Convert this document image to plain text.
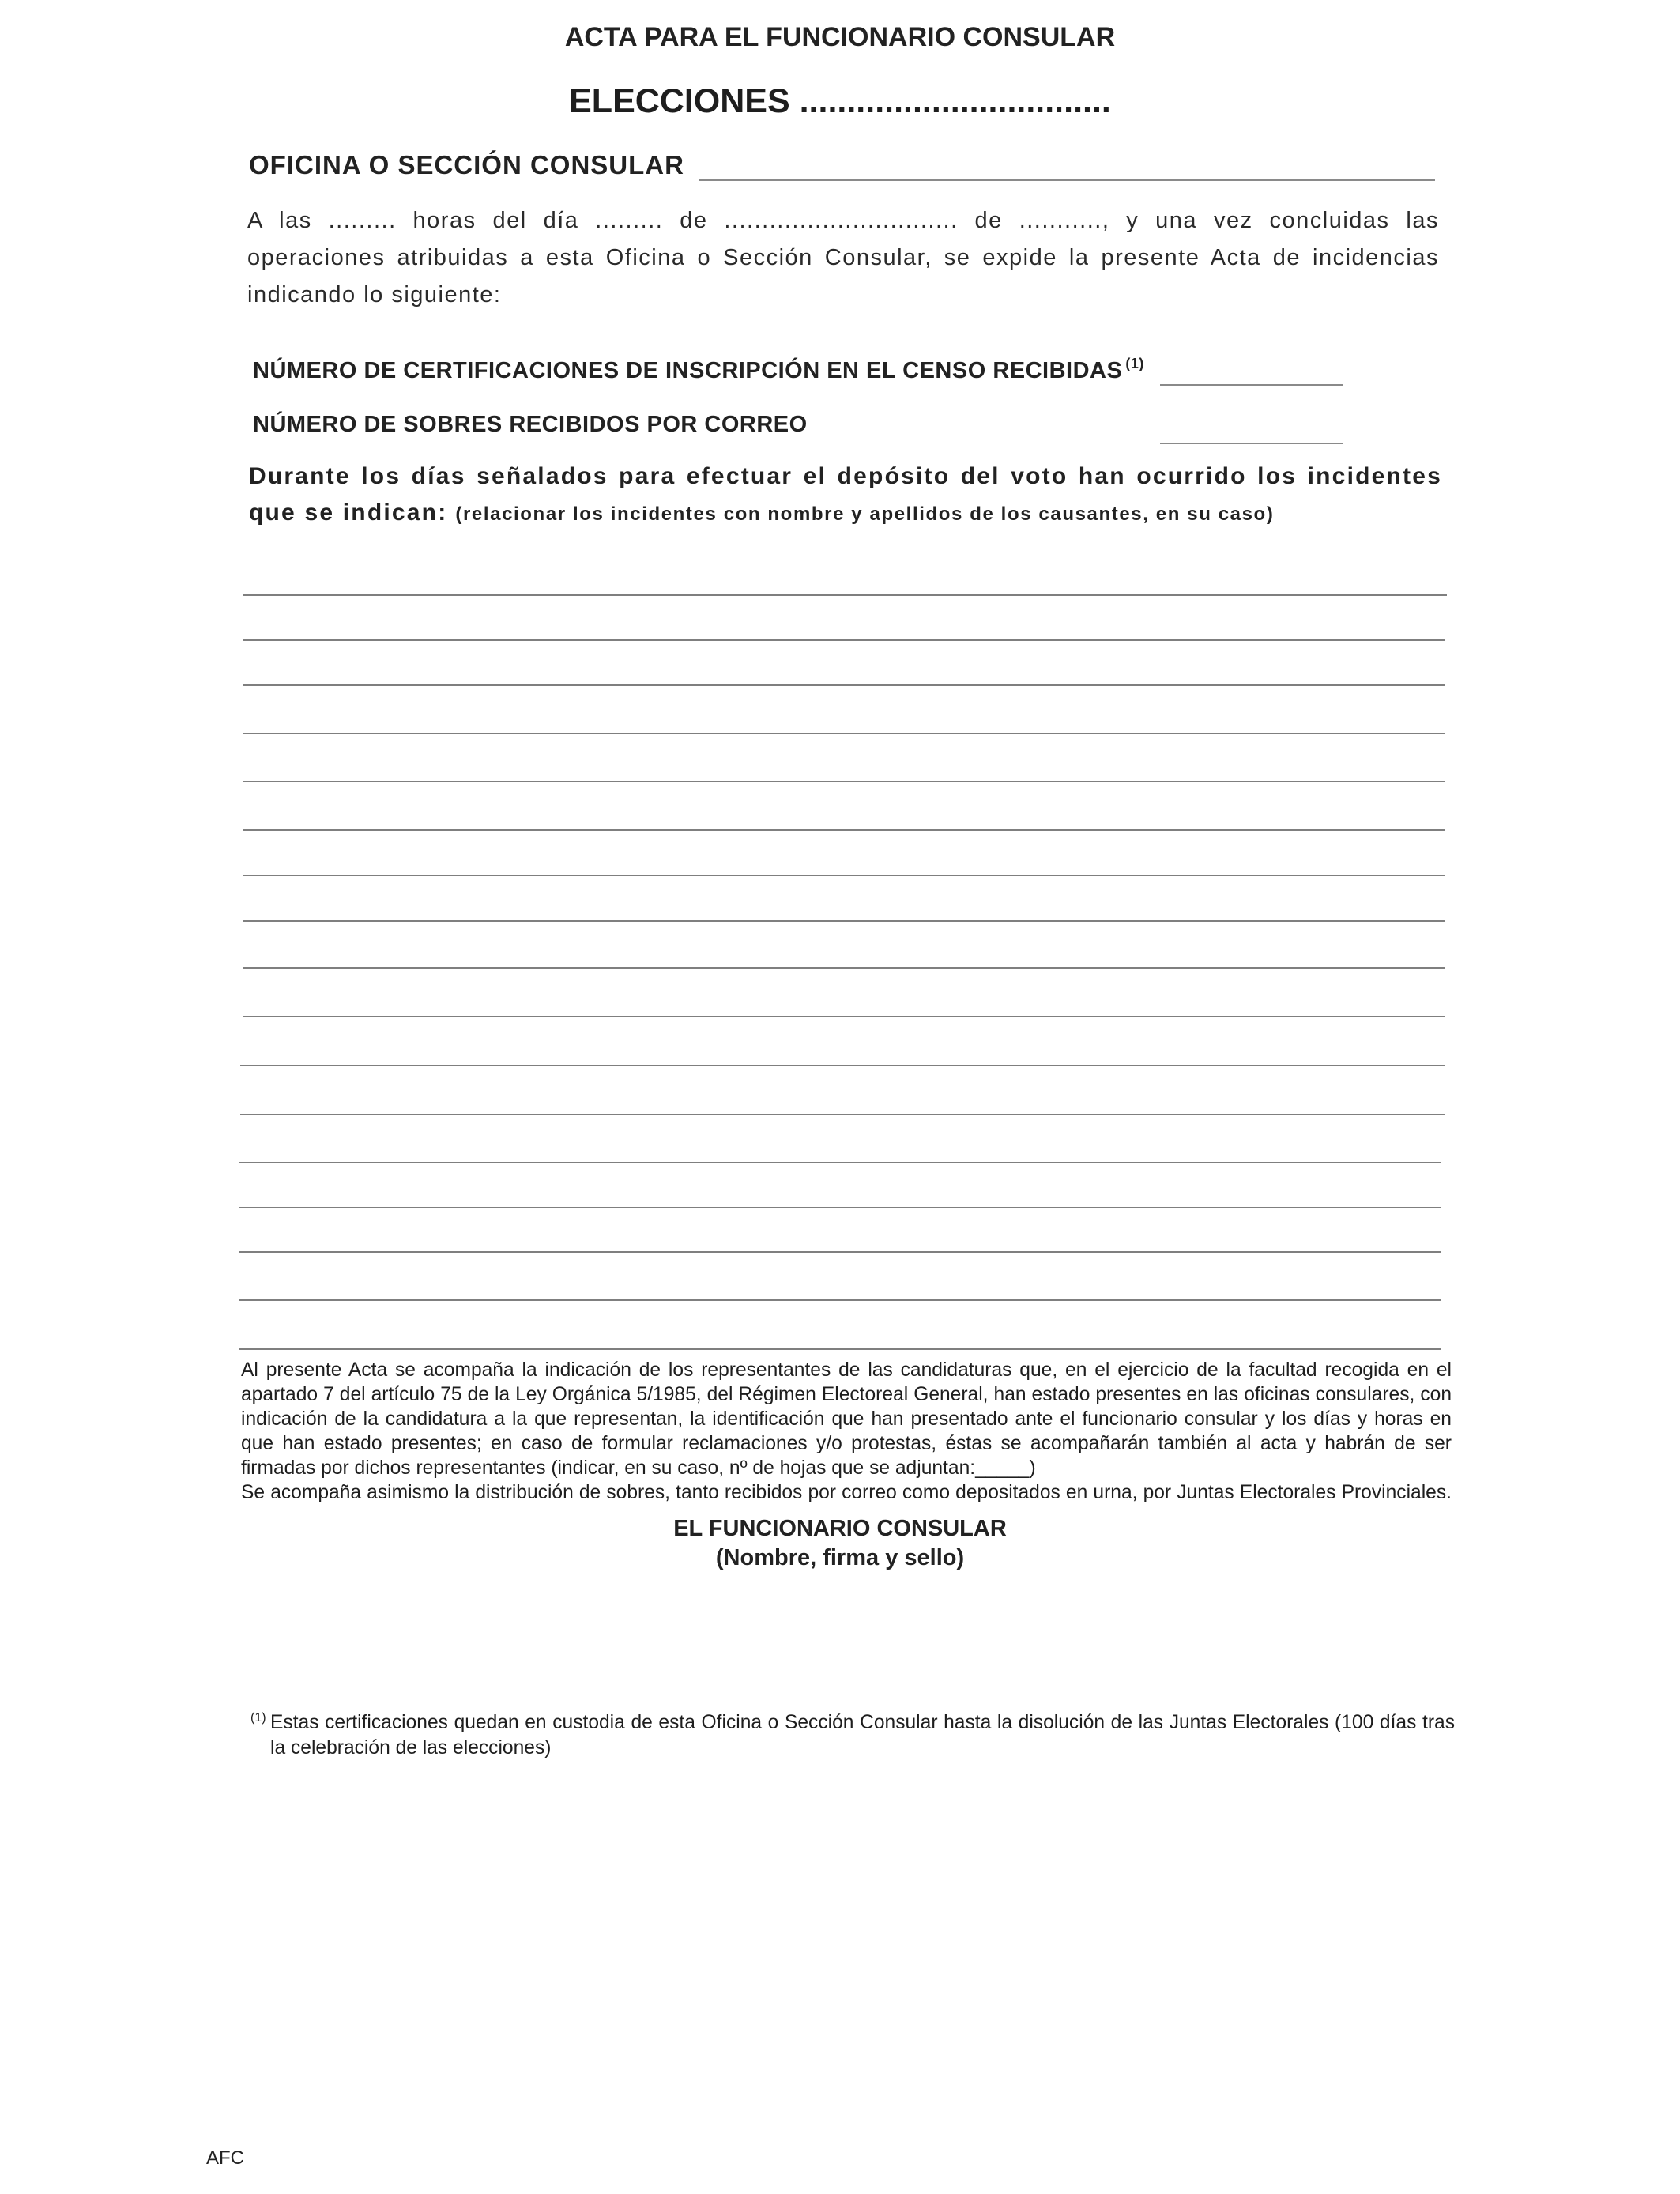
ACTA PARA EL FUNCIONARIO CONSULAR
ELECCIONES .................................
OFICINA O SECCIÓN CONSULAR
A las ......... horas del día ......... de ............................... de ..........., y una vez concluidas las operaciones atribuidas a esta Oficina o Sección Consular, se expide la presente Acta de incidencias indicando lo siguiente:
NÚMERO DE CERTIFICACIONES DE INSCRIPCIÓN EN EL CENSO RECIBIDAS $^{(1)}$
NÚMERO DE SOBRES RECIBIDOS POR CORREO
Durante los días señalados para efectuar el depósito del voto han ocurrido los incidentes que se indican: (relacionar los incidentes con nombre y apellidos de los causantes, en su caso)

Al presente Acta se acompaña la indicación de los representantes de las candidaturas que, en el ejercicio de la facultad recogida en el apartado 7 del artículo 75 de la Ley Orgánica 5/1985, del Régimen Electoreal General, han estado presentes en las oficinas consulares, con indicación de la candidatura a la que representan, la identificación que han presentado ante el funcionario consular y los días y horas en que han estado presentes; en caso de formular reclamaciones y/o protestas, éstas se acompañarán también al acta y habrán de ser firmadas por dichos representantes (indicar, en su caso, nº de hojas que se adjuntan:_____)

Se acompaña asimismo la distribución de sobres, tanto recibidos por correo como depositados en urna, por Juntas Electorales Provinciales.

EL FUNCIONARIO CONSULAR
(Nombre, firma y sello)
(1) Estas certificaciones quedan en custodia de esta Oficina o Sección Consular hasta la disolución de las Juntas Electorales (100 días tras la celebración de las elecciones)
AFC
